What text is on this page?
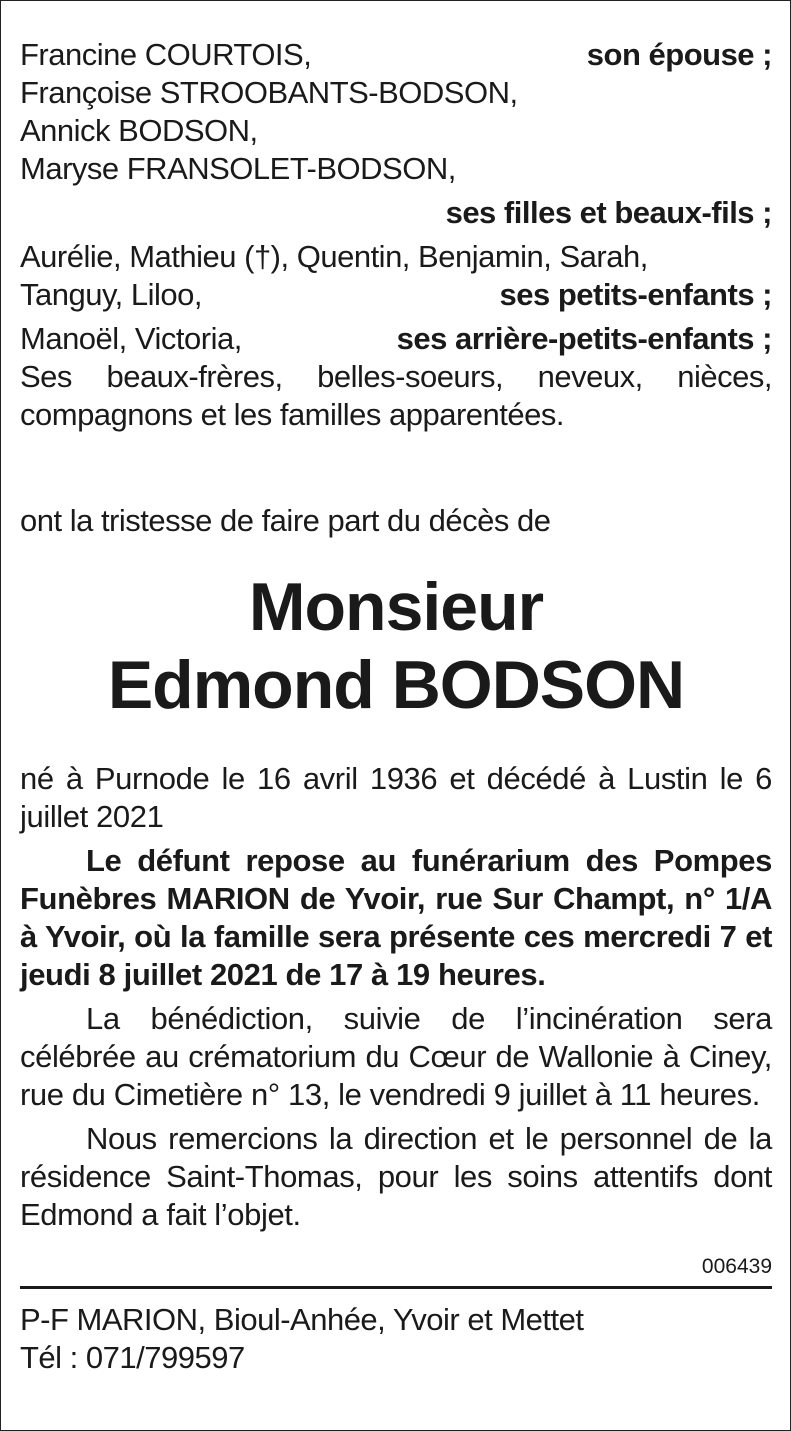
Francine COURTOIS,	son épouse ;
Françoise STROOBANTS-BODSON,
Annick BODSON,
Maryse FRANSOLET-BODSON,
ses filles et beaux-fils ;
Aurélie, Mathieu (†), Quentin, Benjamin, Sarah,
Tanguy, Liloo,	ses petits-enfants ;
Manoël, Victoria,	ses arrière-petits-enfants ;
Ses beaux-frères, belles-soeurs, neveux, nièces,
compagnons et les familles apparentées.
ont la tristesse de faire part du décès de
Monsieur
Edmond BODSON
né à Purnode le 16 avril 1936 et décédé à Lustin le 6 juillet 2021
Le défunt repose au funérarium des Pompes Funèbres MARION de Yvoir, rue Sur Champt, n° 1/A à Yvoir, où la famille sera présente ces mercredi 7 et jeudi 8 juillet 2021 de 17 à 19 heures.
La bénédiction, suivie de l’incinération sera célébrée au crématorium du Cœur de Wallonie à Ciney, rue du Cimetière n° 13, le vendredi 9 juillet à 11 heures.
Nous remercions la direction et le personnel de la résidence Saint-Thomas, pour les soins attentifs dont Edmond a fait l’objet.
006439
P-F MARION, Bioul-Anhée, Yvoir et Mettet
Tél : 071/799597
